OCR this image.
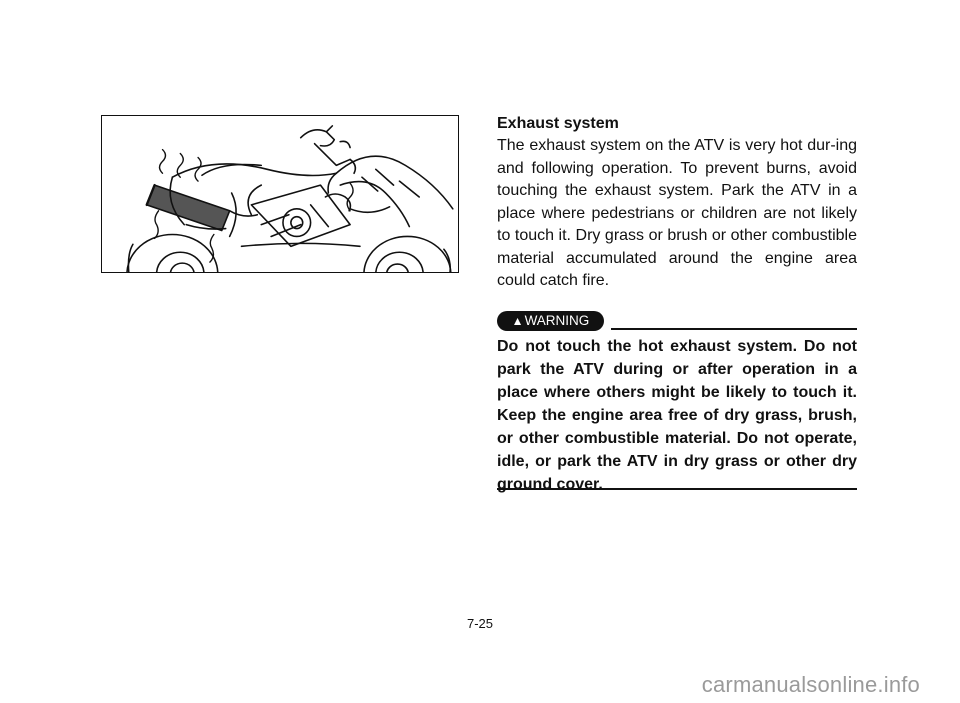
Exhaust system

The exhaust system on the ATV is very hot dur-ing and following operation. To prevent burns, avoid touching the exhaust system. Park the ATV in a place where pedestrians or children are not likely to touch it. Dry grass or brush or other combustible material accumulated around the engine area could catch fire.

▲WARNING

Do not touch the hot exhaust system. Do not park the ATV during or after operation in a place where others might be likely to touch it. Keep the engine area free of dry grass, brush, or other combustible material. Do not operate, idle, or park the ATV in dry grass or other dry ground cover.

7-25
carmanualsonline.info
